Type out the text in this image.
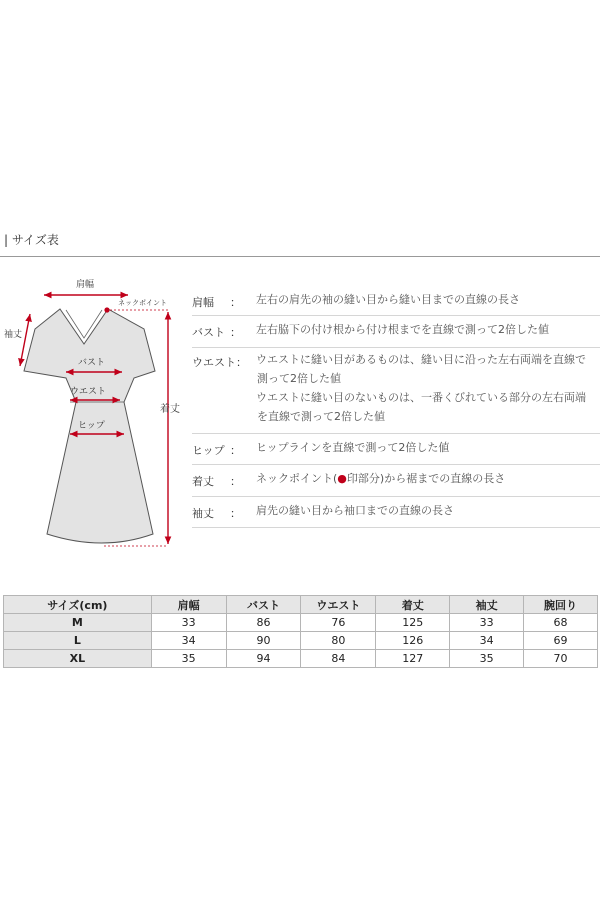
| サイズ表
肩幅
ネックポイント
袖丈
バスト
ウエスト
ヒップ
着丈
肩幅 ： 左右の肩先の袖の縫い目から縫い目までの直線の長さ
バスト ： 左右脇下の付け根から付け根までを直線で測って2倍した値
ウエスト ： ウエストに縫い目があるものは、縫い目に沿った左右両端を直線で
測って2倍した値
ウエストに縫い目のないものは、一番くびれている部分の左右両端
を直線で測って2倍した値
ヒップ ： ヒップラインを直線で測って2倍した値
着丈 ： ネックポイント(●印部分)から裾までの直線の長さ
袖丈 ： 肩先の縫い目から袖口までの直線の長さ
サイズ(cm)	肩幅	バスト	ウエスト	着丈	袖丈	腕回り
M	33	86	76	125	33	68
L	34	90	80	126	34	69
XL	35	94	84	127	35	70
